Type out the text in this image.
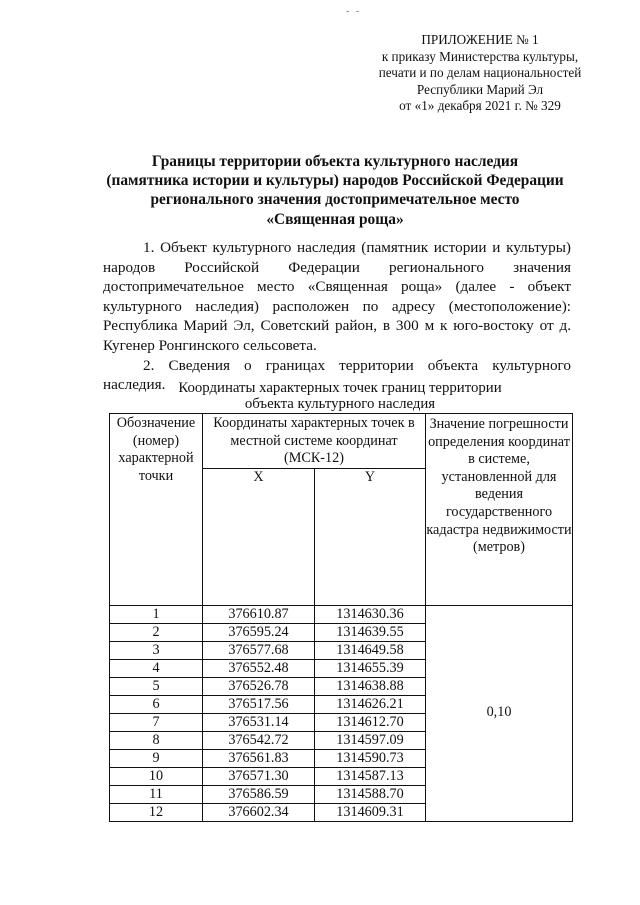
- -
ПРИЛОЖЕНИЕ № 1
к приказу Министерства культуры,
печати и по делам национальностей
Республики Марий Эл
от «1» декабря 2021 г. № 329
Границы территории объекта культурного наследия
(памятника истории и культуры) народов Российской Федерации
регионального значения достопримечательное место
«Священная роща»

1. Объект культурного наследия (памятник истории и культуры) народов Российской Федерации регионального значения достопримечательное место «Священная роща» (далее - объект культурного наследия) расположен по адресу (местоположение): Республика Марий Эл, Советский район, в 300 м к юго-востоку от д. Кугенер Ронгинского сельсовета.

2. Сведения о границах территории объекта культурного наследия. Координаты характерных точек границ территории
объекта культурного наследия
Обозначение (номер) характерной точки	Координаты характерных точек в местной системе координат (МСК-12)		Значение погрешности определения координат в системе, установленной для ведения государственного кадастра недвижимости (метров)
	X	Y	
1	376610.87	1314630.36	0,10
2	376595.24	1314639.55	
3	376577.68	1314649.58	
4	376552.48	1314655.39	
5	376526.78	1314638.88	
6	376517.56	1314626.21	
7	376531.14	1314612.70	
8	376542.72	1314597.09	
9	376561.83	1314590.73	
10	376571.30	1314587.13	
11	376586.59	1314588.70	
12	376602.34	1314609.31	
